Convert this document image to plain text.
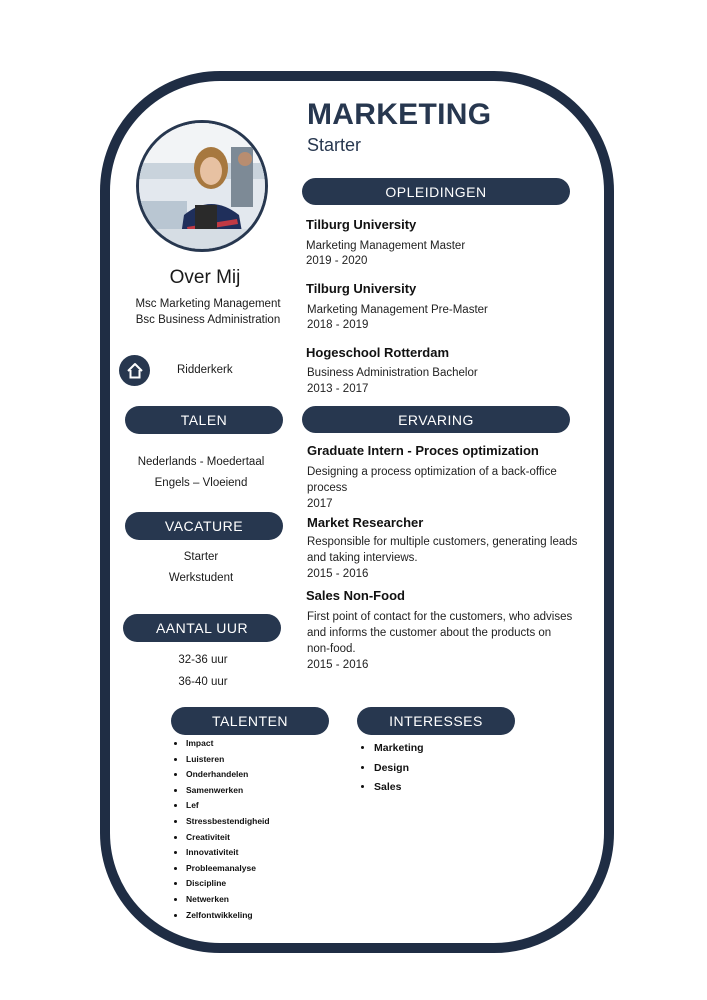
MARKETING
Starter
Over Mij
Msc Marketing Management
Bsc Business Administration
Ridderkerk
TALEN
Nederlands - Moedertaal
Engels – Vloeiend
VACATURE
Starter
Werkstudent
AANTAL UUR
32-36 uur
36-40 uur
OPLEIDINGEN
Tilburg University
Marketing Management Master
2019 - 2020
Tilburg University
Marketing Management Pre-Master
2018 - 2019
Hogeschool Rotterdam
Business Administration Bachelor
2013 - 2017
ERVARING
Graduate Intern - Proces optimization
Designing a process optimization of a back-office process
2017
Market Researcher
Responsible for multiple customers, generating leads and taking interviews.
2015 - 2016
Sales Non-Food
First point of contact for the customers, who advises and informs the customer about the products on non-food.
2015 - 2016
TALENTEN
• Impact
• Luisteren
• Onderhandelen
• Samenwerken
• Lef
• Stressbestendigheid
• Creativiteit
• Innovativiteit
• Probleemanalyse
• Discipline
• Netwerken
• Zelfontwikkeling
INTERESSES
• Marketing
• Design
• Sales
